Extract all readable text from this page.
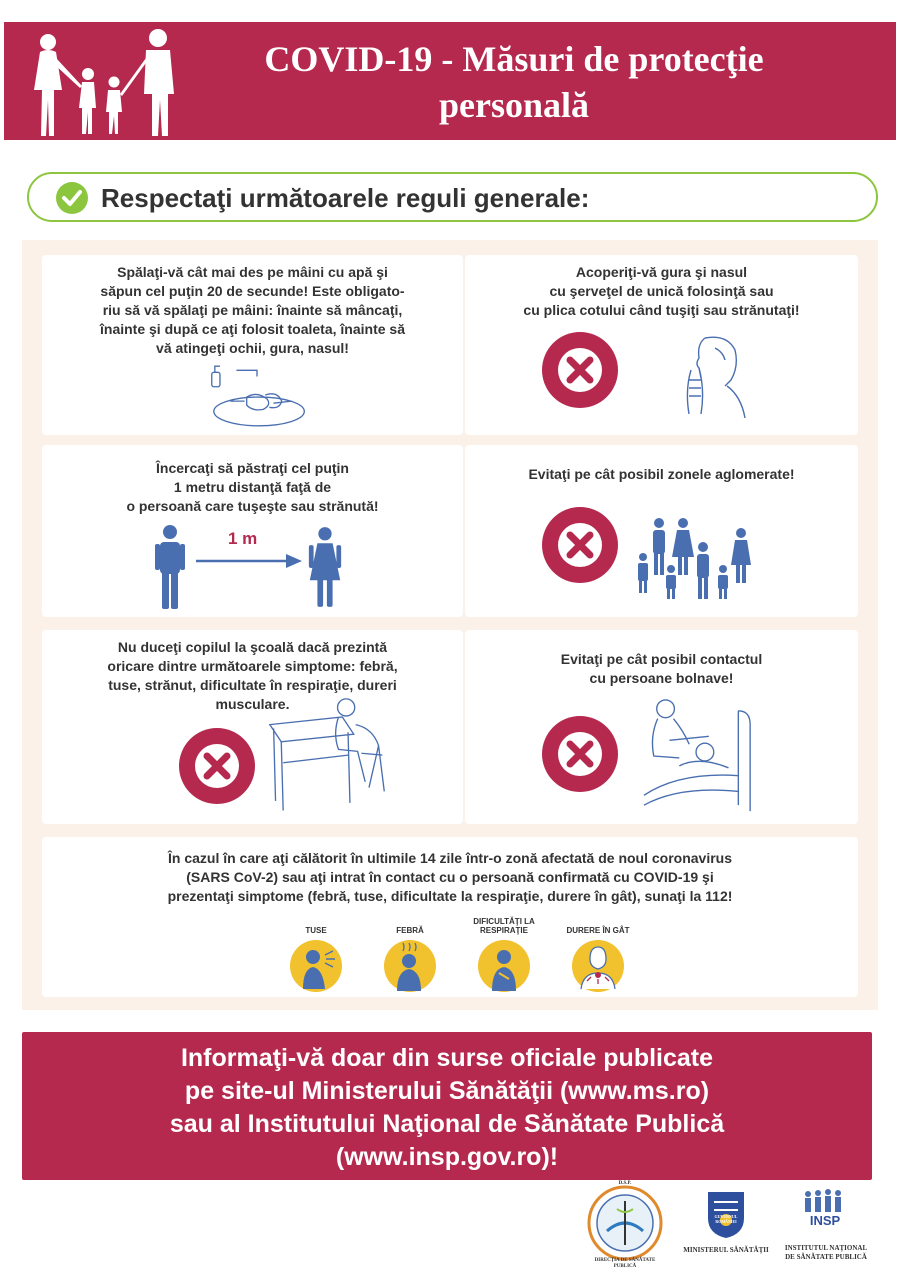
COVID-19 - Măsuri de protecţie
personală
Respectaţi următoarele reguli generale:
Spălaţi-vă cât mai des pe mâini cu apă şi
săpun cel puţin 20 de secunde! Este obligato-
riu să vă spălaţi pe mâini: înainte să mâncaţi,
înainte şi după ce aţi folosit toaleta, înainte să
vă atingeţi ochii, gura, nasul!
Acoperiţi-vă gura şi nasul
cu şerveţel de unică folosinţă sau
cu plica cotului când tuşiţi sau strănutaţi!
Încercaţi să păstraţi cel puţin
1 metru distanţă faţă de
o persoană care tuşeşte sau strănută!
1 m
Evitaţi pe cât posibil zonele aglomerate!
Nu duceţi copilul la şcoală dacă prezintă
oricare dintre următoarele simptome: febră,
tuse, strănut, dificultate în respiraţie, dureri
musculare.
Evitaţi pe cât posibil contactul
cu persoane bolnave!
În cazul în care aţi călătorit în ultimile 14 zile într-o zonă afectată de noul coronavirus
(SARS CoV-2) sau aţi intrat în contact cu o persoană confirmată cu COVID-19 şi
prezentaţi simptome (febră, tuse, dificultate la respiraţie, durere în gât), sunaţi la 112!
TUSE	FEBRĂ
DIFICULTĂŢI LA RESPIRAŢIE	DURERE ÎN GÂT
Informaţi-vă doar din surse oficiale publicate
pe site-ul Ministerului Sănătăţii (www.ms.ro)
sau al Institutului Naţional de Sănătate Publică
(www.insp.gov.ro)!
D.S.P.
DIRECŢIA DE SĂNĂTATE PUBLICĂ
GUVERNUL ROMÂNIEI
MINISTERUL SĂNĂTĂŢII
INSP
INSTITUTUL NAŢIONAL
DE SĂNĂTATE PUBLICĂ
